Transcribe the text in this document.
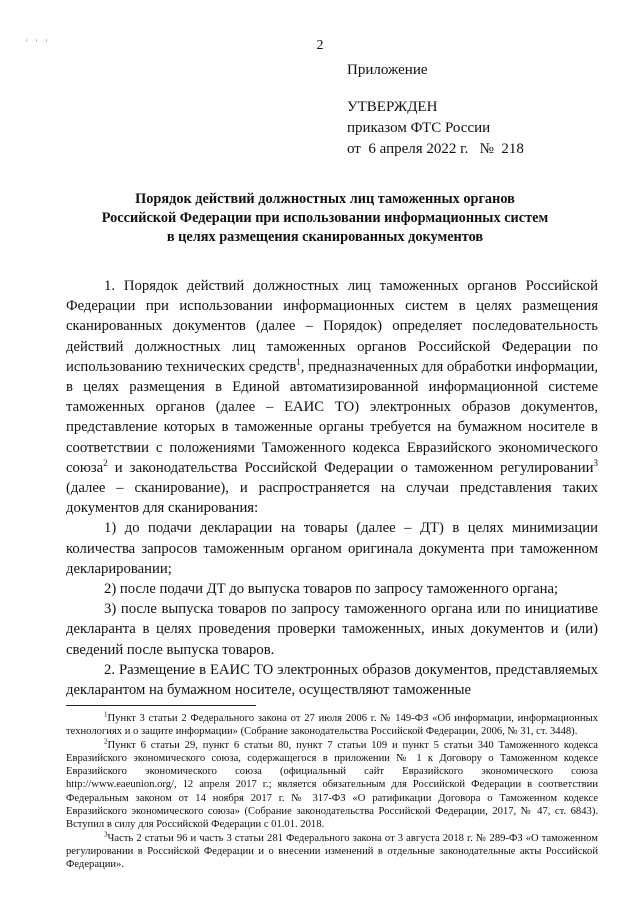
' ' '	2
Приложение
УТВЕРЖДЕН
приказом ФТС России
от 6 апреля 2022 г. № 218
Порядок действий должностных лиц таможенных органов
Российской Федерации при использовании информационных систем
в целях размещения сканированных документов

1. Порядок действий должностных лиц таможенных органов Российской Федерации при использовании информационных систем в целях размещения сканированных документов (далее – Порядок) определяет последовательность действий должностных лиц таможенных органов Российской Федерации по использованию технических средств$^1$, предназначенных для обработки информации, в целях размещения в Единой автоматизированной информационной системе таможенных органов (далее – ЕАИС ТО) электронных образов документов, представление которых в таможенные органы требуется на бумажном носителе в соответствии с положениями Таможенного кодекса Евразийского экономического союза$^2$ и законодательства Российской Федерации о таможенном регулировании$^3$ (далее – сканирование), и распространяется на случаи представления таких документов для сканирования:

1) до подачи декларации на товары (далее – ДТ) в целях минимизации количества запросов таможенным органом оригинала документа при таможенном декларировании;

2) после подачи ДТ до выпуска товаров по запросу таможенного органа;

3) после выпуска товаров по запросу таможенного органа или по инициативе декларанта в целях проведения проверки таможенных, иных документов и (или) сведений после выпуска товаров.

2. Размещение в ЕАИС ТО электронных образов документов, представляемых декларантом на бумажном носителе, осуществляют таможенные

$^1$Пункт 3 статьи 2 Федерального закона от 27 июля 2006 г. № 149-ФЗ «Об информации, информационных технологиях и о защите информации» (Собрание законодательства Российской Федерации, 2006, № 31, ст. 3448).

$^2$Пункт 6 статьи 29, пункт 6 статьи 80, пункт 7 статьи 109 и пункт 5 статьи 340 Таможенного кодекса Евразийского экономического союза, содержащегося в приложении № 1 к Договору о Таможенном кодексе Евразийского экономического союза (официальный сайт Евразийского экономического союза http://www.eaeunion.org/, 12 апреля 2017 г.; является обязательным для Российской Федерации в соответствии Федеральным законом от 14 ноября 2017 г. № 317-ФЗ «О ратификации Договора о Таможенном кодексе Евразийского экономического союза» (Собрание законодательства Российской Федерации, 2017, № 47, ст. 6843). Вступил в силу для Российской Федерации с 01.01. 2018.

$^3$Часть 2 статьи 96 и часть 3 статьи 281 Федерального закона от 3 августа 2018 г. № 289-ФЗ «О таможенном регулировании в Российской Федерации и о внесении изменений в отдельные законодательные акты Российской Федерации».
